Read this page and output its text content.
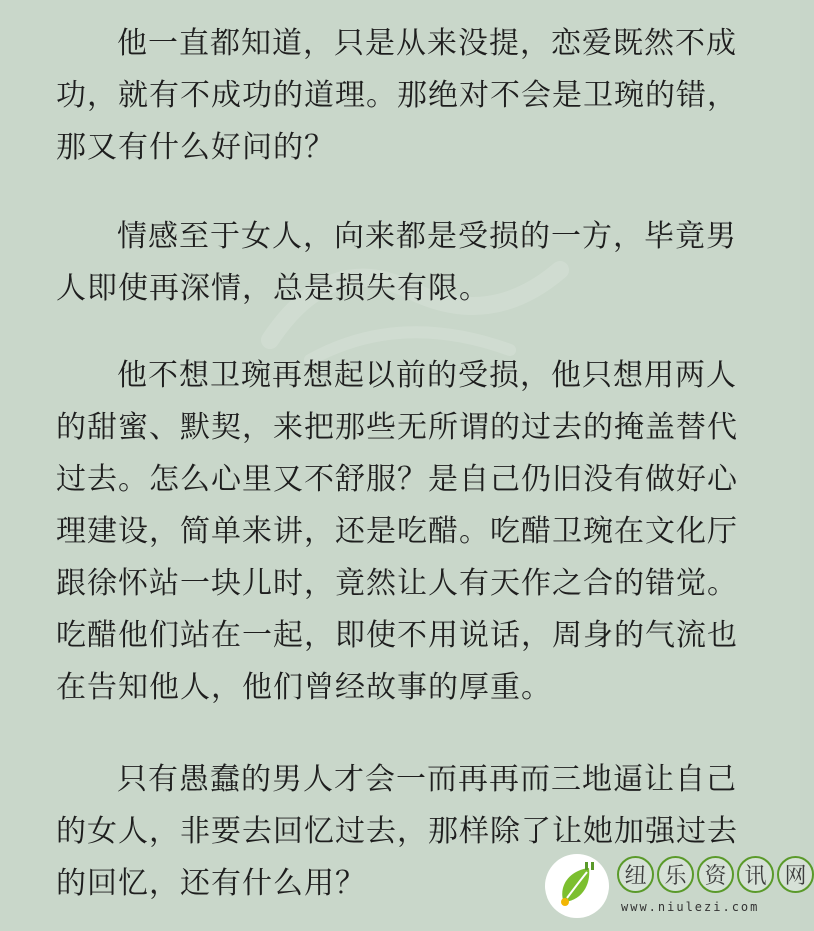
他一直都知道，只是从来没提，恋爱既然不成
功，就有不成功的道理。那绝对不会是卫琬的错，
那又有什么好问的？
情感至于女人，向来都是受损的一方，毕竟男
人即使再深情，总是损失有限。
他不想卫琬再想起以前的受损，他只想用两人
的甜蜜、默契，来把那些无所谓的过去的掩盖替代
过去。怎么心里又不舒服？是自己仍旧没有做好心
理建设，简单来讲，还是吃醋。吃醋卫琬在文化厅
跟徐怀站一块儿时，竟然让人有天作之合的错觉。
吃醋他们站在一起，即使不用说话，周身的气流也
在告知他人，他们曾经故事的厚重。
只有愚蠢的男人才会一而再再而三地逼让自己
的女人，非要去回忆过去，那样除了让她加强过去
的回忆，还有什么用？	纽 乐 资 讯 网
www.niulezi.com
